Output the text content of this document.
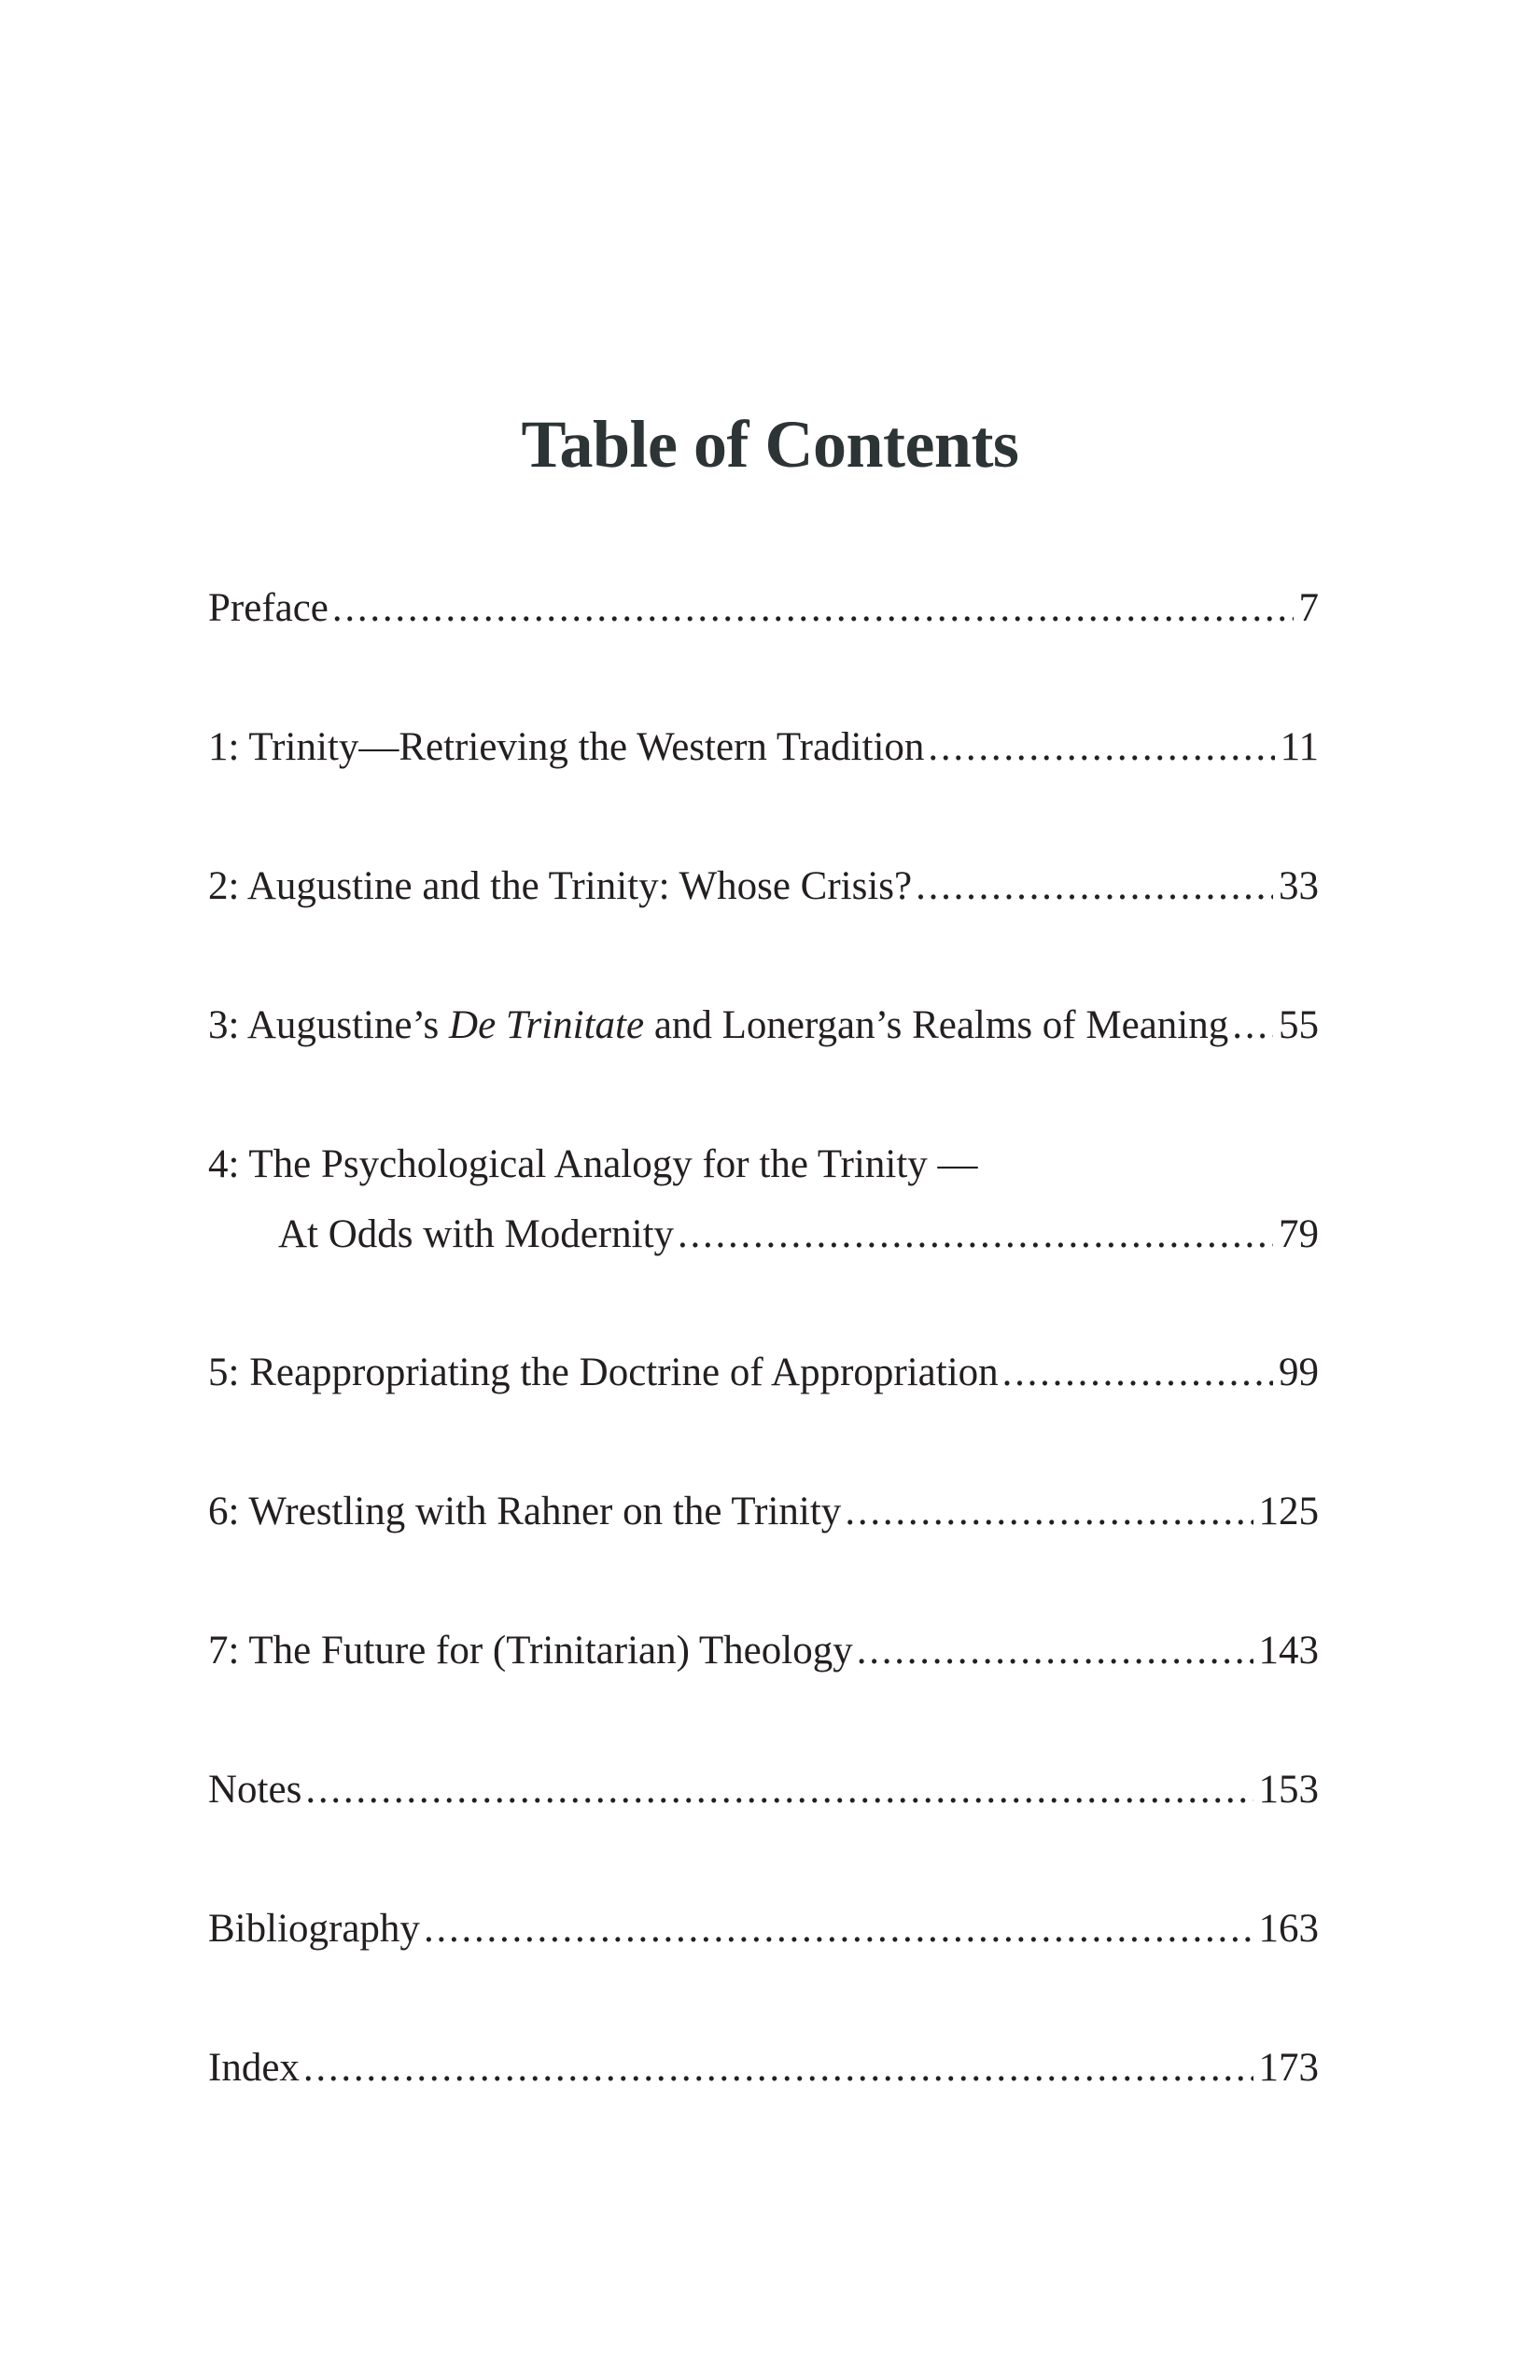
Table of Contents
Preface . . .	7
1: Trinity—Retrieving the Western Tradition . . .	11
2: Augustine and the Trinity: Whose Crisis? . . .	33
3: Augustine’s De Trinitate and Lonergan’s Realms of Meaning . . . 55
4: The Psychological Analogy for the Trinity —
At Odds with Modernity . . .	79
5: Reappropriating the Doctrine of Appropriation . . .	99
6: Wrestling with Rahner on the Trinity . . .	125
7: The Future for (Trinitarian) Theology . . .	143
Notes . . .	153
Bibliography . . .	163
Index . . .	173
